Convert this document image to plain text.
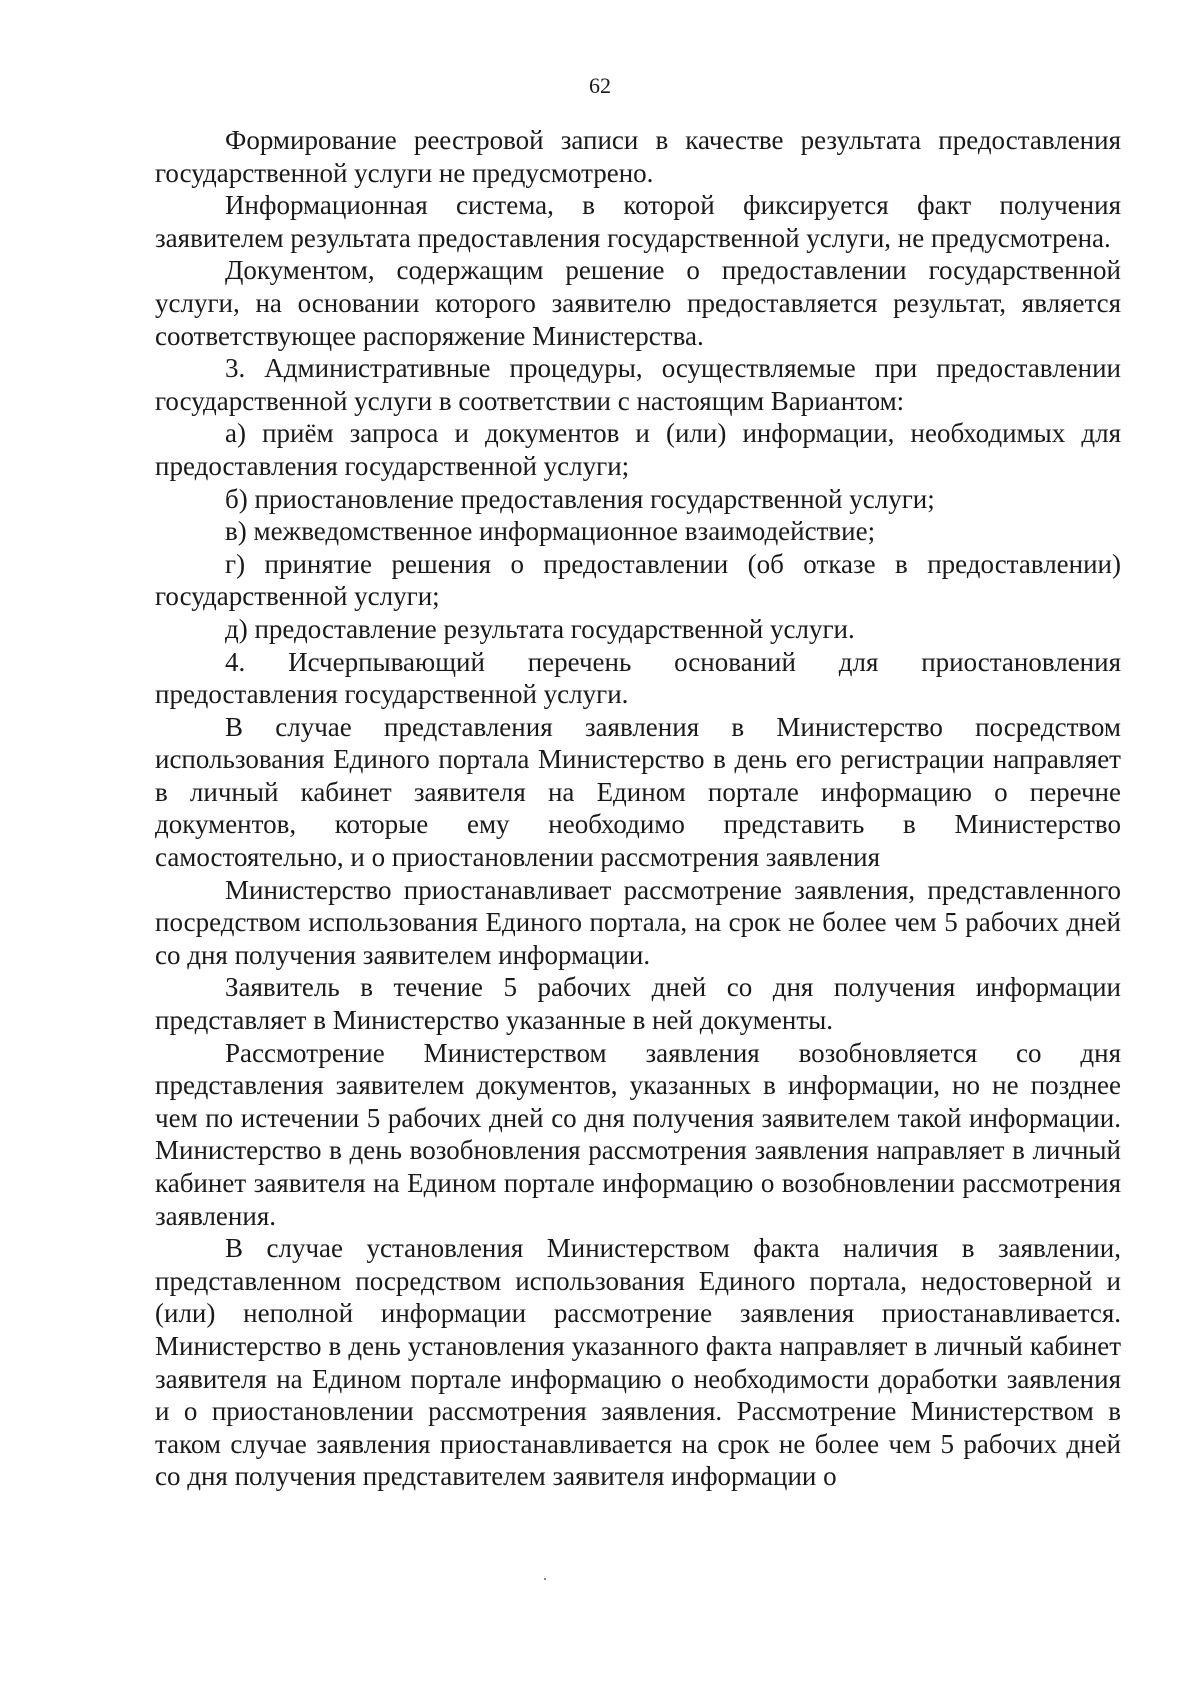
62

Формирование реестровой записи в качестве результата предоставления государственной услуги не предусмотрено.

Информационная система, в которой фиксируется факт получения заявителем результата предоставления государственной услуги, не предусмотрена.

Документом, содержащим решение о предоставлении государственной услуги, на основании которого заявителю предоставляется результат, является соответствующее распоряжение Министерства.

3. Административные процедуры, осуществляемые при предоставлении государственной услуги в соответствии с настоящим Вариантом:

а) приём запроса и документов и (или) информации, необходимых для предоставления государственной услуги;

б) приостановление предоставления государственной услуги;

в) межведомственное информационное взаимодействие;

г) принятие решения о предоставлении (об отказе в предоставлении) государственной услуги;

д) предоставление результата государственной услуги.

4. Исчерпывающий перечень оснований для приостановления предоставления государственной услуги.

В случае представления заявления в Министерство посредством использования Единого портала Министерство в день его регистрации направляет в личный кабинет заявителя на Едином портале информацию о перечне документов, которые ему необходимо представить в Министерство самостоятельно, и о приостановлении рассмотрения заявления

Министерство приостанавливает рассмотрение заявления, представленного посредством использования Единого портала, на срок не более чем 5 рабочих дней со дня получения заявителем информации.

Заявитель в течение 5 рабочих дней со дня получения информации представляет в Министерство указанные в ней документы.

Рассмотрение Министерством заявления возобновляется со дня представления заявителем документов, указанных в информации, но не позднее чем по истечении 5 рабочих дней со дня получения заявителем такой информации. Министерство в день возобновления рассмотрения заявления направляет в личный кабинет заявителя на Едином портале информацию о возобновлении рассмотрения заявления.

В случае установления Министерством факта наличия в заявлении, представленном посредством использования Единого портала, недостоверной и (или) неполной информации рассмотрение заявления приостанавливается. Министерство в день установления указанного факта направляет в личный кабинет заявителя на Едином портале информацию о необходимости доработки заявления и о приостановлении рассмотрения заявления. Рассмотрение Министерством в таком случае заявления приостанавливается на срок не более чем 5 рабочих дней со дня получения представителем заявителя информации о
